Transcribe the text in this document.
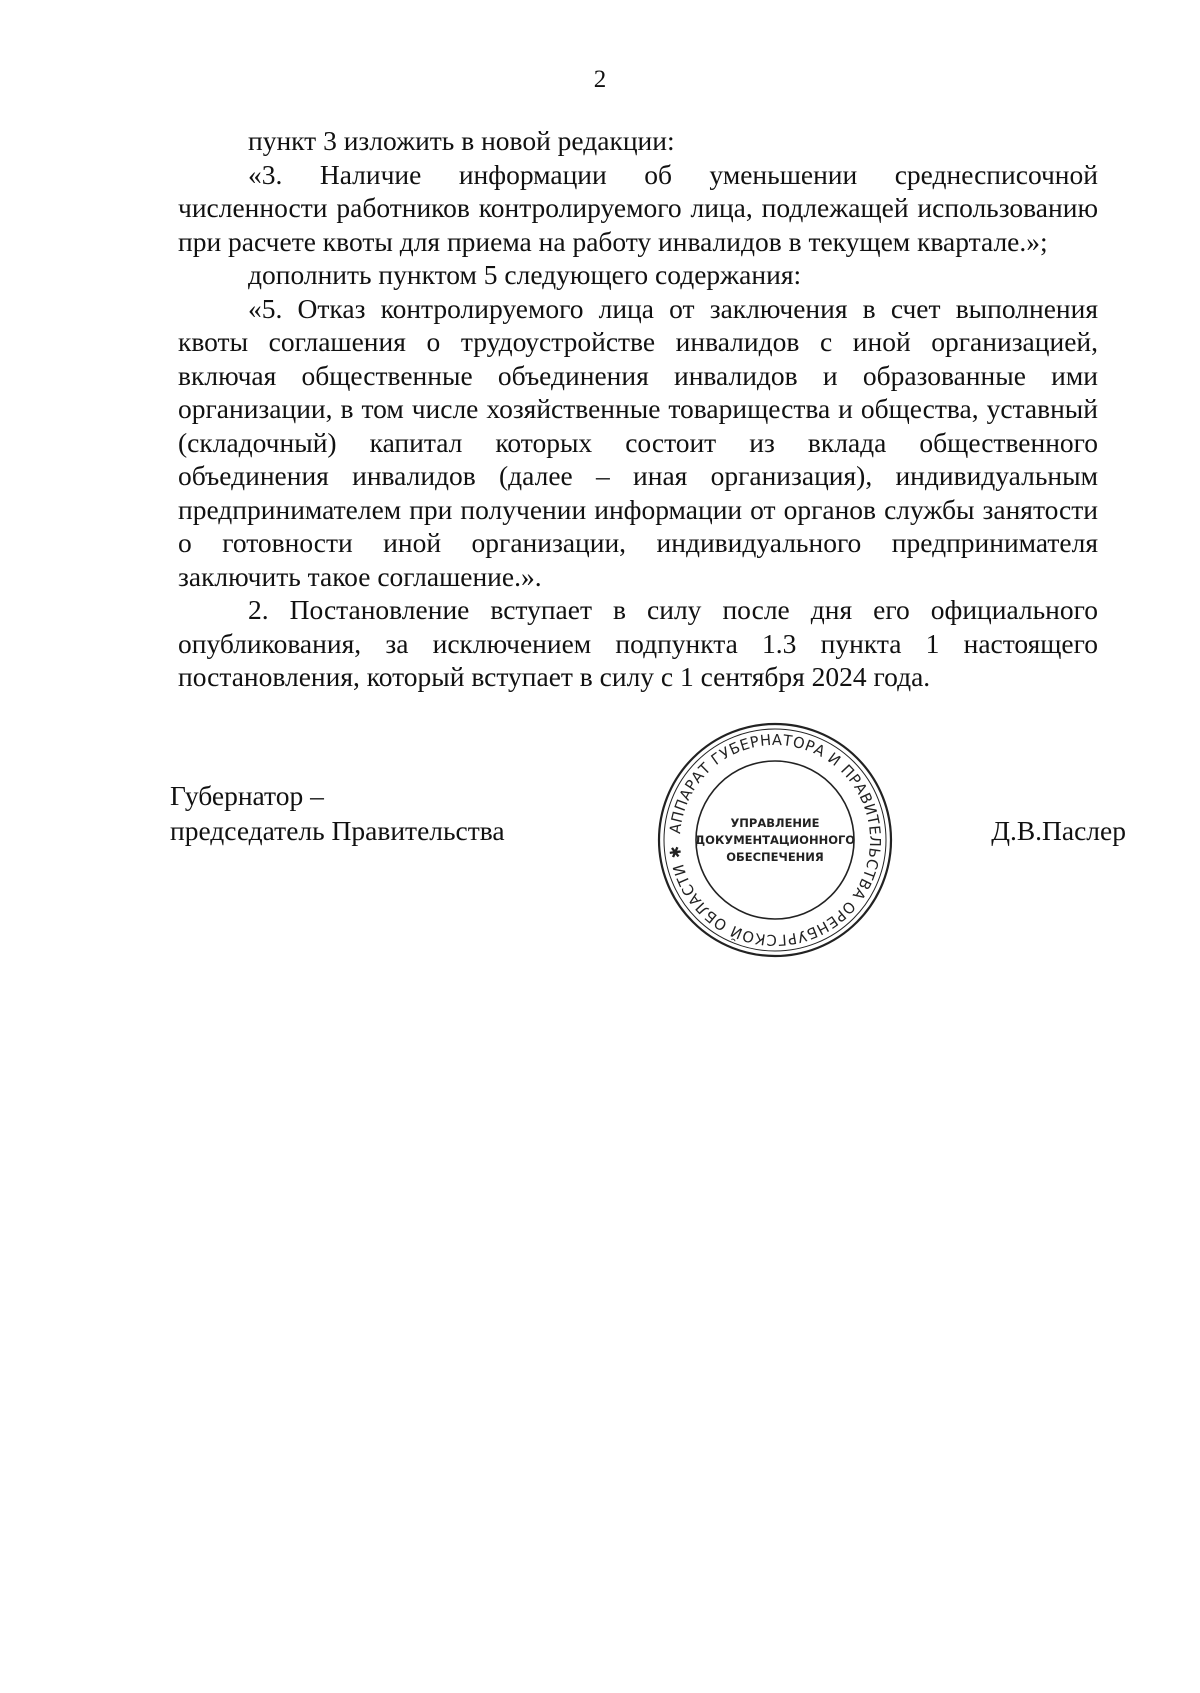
2

пункт 3 изложить в новой редакции:

«3. Наличие информации об уменьшении среднесписочной численности работников контролируемого лица, подлежащей использованию при расчете квоты для приема на работу инвалидов в текущем квартале.»;

дополнить пунктом 5 следующего содержания:

«5. Отказ контролируемого лица от заключения в счет выполнения квоты соглашения о трудоустройстве инвалидов с иной организацией, включая общественные объединения инвалидов и образованные ими организации, в том числе хозяйственные товарищества и общества, уставный (складочный) капитал которых состоит из вклада общественного объединения инвалидов (далее – иная организация), индивидуальным предпринимателем при получении информации от органов службы занятости о готовности иной организации, индивидуального предпринимателя заключить такое соглашение.».

2. Постановление вступает в силу после дня его официального опубликования, за исключением подпункта 1.3 пункта 1 настоящего постановления, который вступает в силу с 1 сентября 2024 года.

Губернатор –
председатель Правительства	Д.В.Паслер
АППАРАТ ГУБЕРНАТОРА И ПРАВИТЕЛЬСТВА ОРЕНБУРГСКОЙ ОБЛАСТИ ✱
УПРАВЛЕНИЕ
ДОКУМЕНТАЦИОННОГО
ОБЕСПЕЧЕНИЯ
